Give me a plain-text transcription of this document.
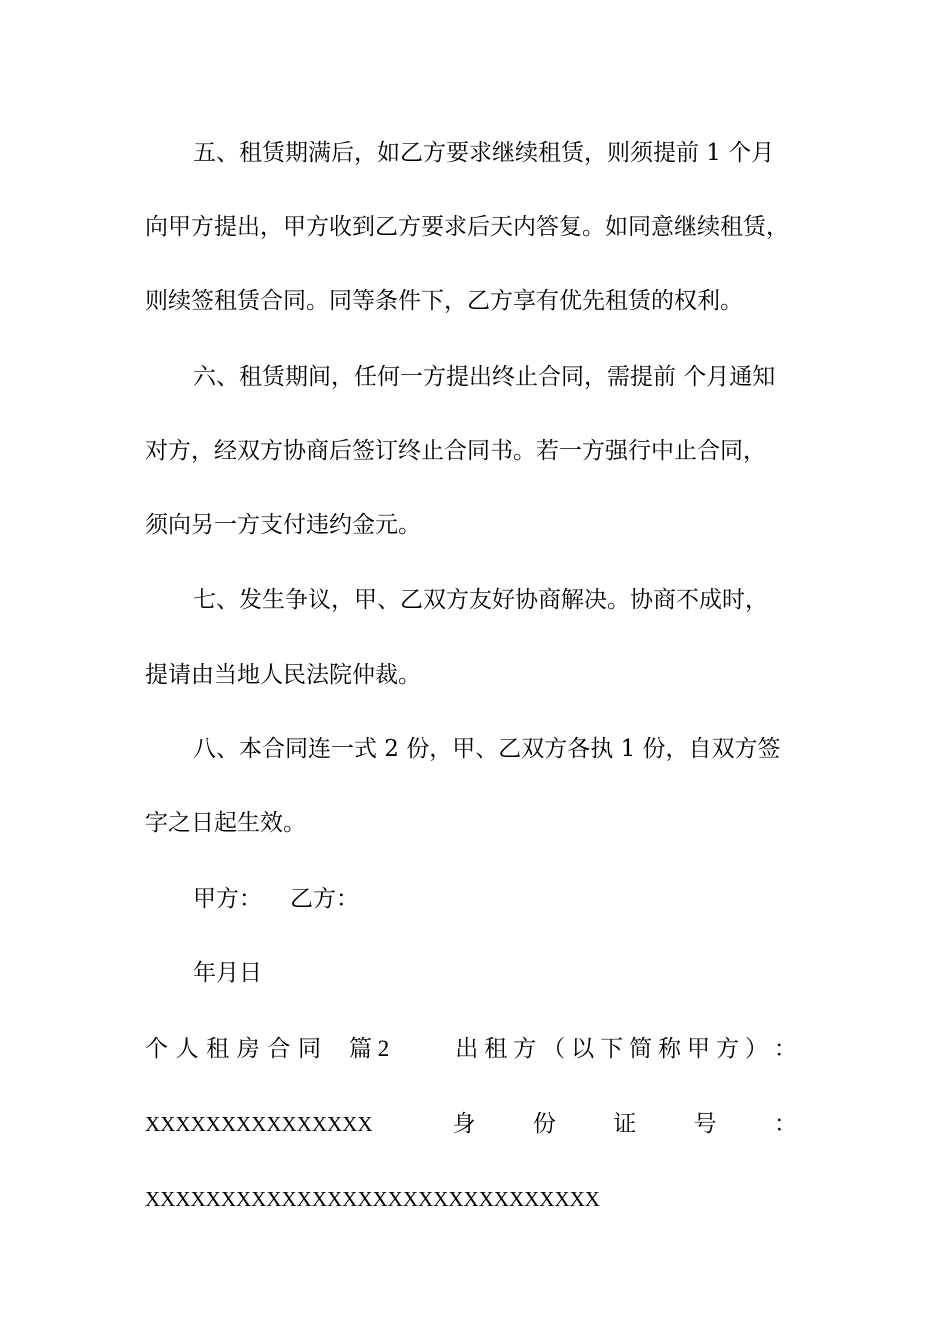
五、租赁期满后，如乙方要求继续租赁，则须提前 1 个月
向甲方提出，甲方收到乙方要求后天内答复。如同意继续租赁，
则续签租赁合同。同等条件下，乙方享有优先租赁的权利。
六、租赁期间，任何一方提出终止合同，需提前 个月通知
对方，经双方协商后签订终止合同书。若一方强行中止合同，
须向另一方支付违约金元。
七、发生争议，甲、乙双方友好协商解决。协商不成时，
提请由当地人民法院仲裁。
八、本合同连一式 2 份，甲、乙双方各执 1 份，自双方签
字之日起生效。
甲方： 乙方：
年月日
个 人 租 房 合 同 篇 2	出 租 方 （ 以 下 简 称 甲 方 ） ：
XXXXXXXXXXXXXXX	身 份 证 号 ：
XXXXXXXXXXXXXXXXXXXXXXXXXXXXXX
